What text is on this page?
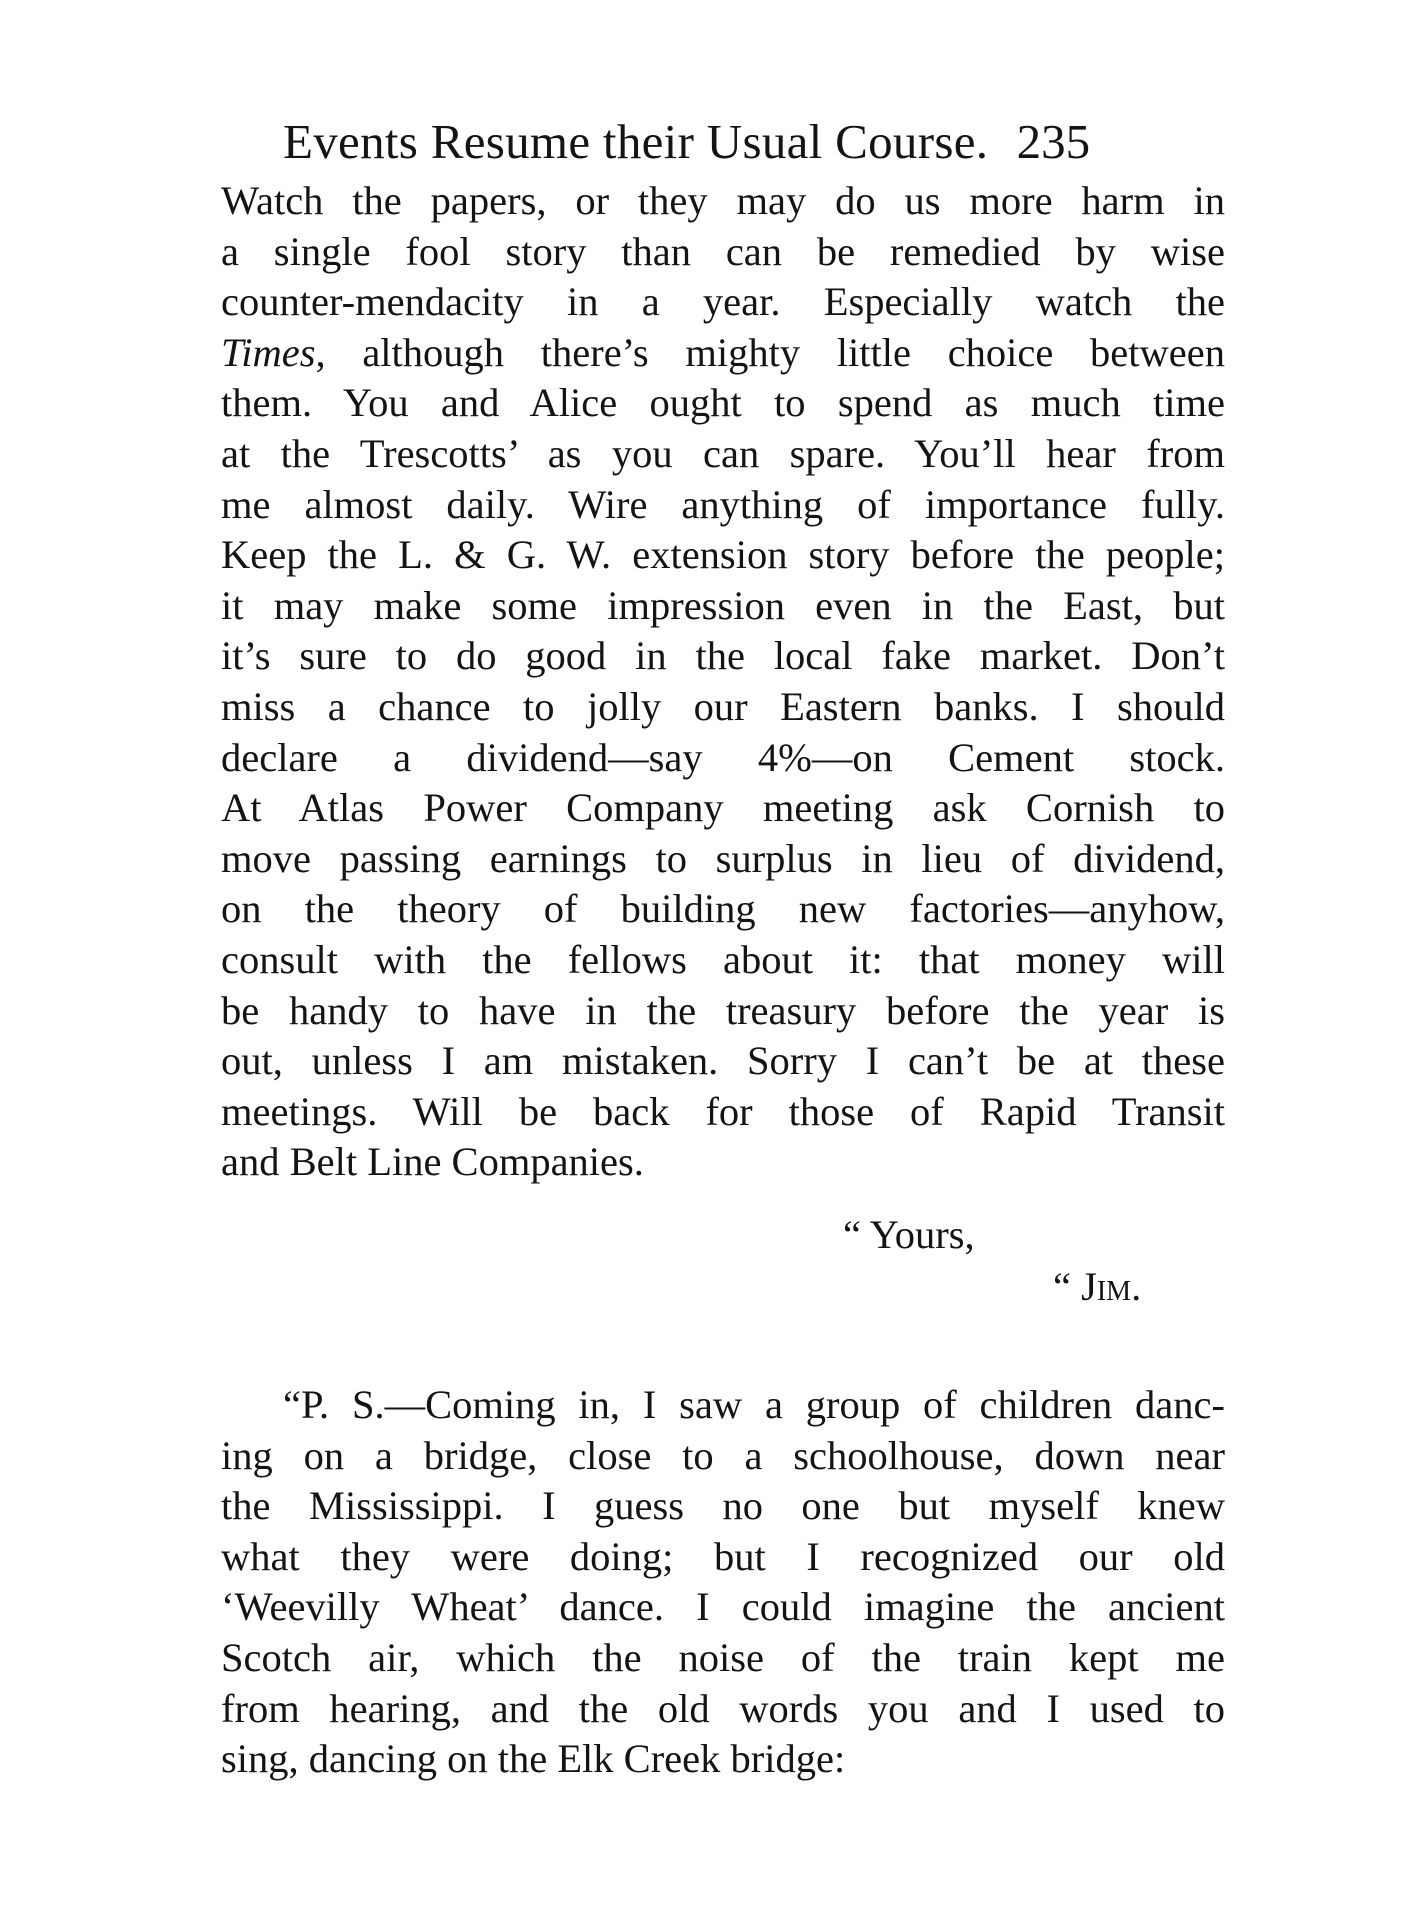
Events Resume their Usual Course. 235
Watch the papers, or they may do us more harm in
a single fool story than can be remedied by wise
counter-mendacity in a year. Especially watch the
Times, although there’s mighty little choice between
them. You and Alice ought to spend as much time
at the Trescotts’ as you can spare. You’ll hear from
me almost daily. Wire anything of importance fully.
Keep the L. & G. W. extension story before the people;
it may make some impression even in the East, but
it’s sure to do good in the local fake market. Don’t
miss a chance to jolly our Eastern banks. I should
declare a dividend—say 4%—on Cement stock.
At Atlas Power Company meeting ask Cornish to
move passing earnings to surplus in lieu of dividend,
on the theory of building new factories—anyhow,
consult with the fellows about it: that money will
be handy to have in the treasury before the year is
out, unless I am mistaken. Sorry I can’t be at these
meetings. Will be back for those of Rapid Transit
and Belt Line Companies.
“ Yours,
“ Jim.
“P. S.—Coming in, I saw a group of children danc-
ing on a bridge, close to a schoolhouse, down near
the Mississippi. I guess no one but myself knew
what they were doing; but I recognized our old
‘Weevilly Wheat’ dance. I could imagine the ancient
Scotch air, which the noise of the train kept me
from hearing, and the old words you and I used to
sing, dancing on the Elk Creek bridge:
